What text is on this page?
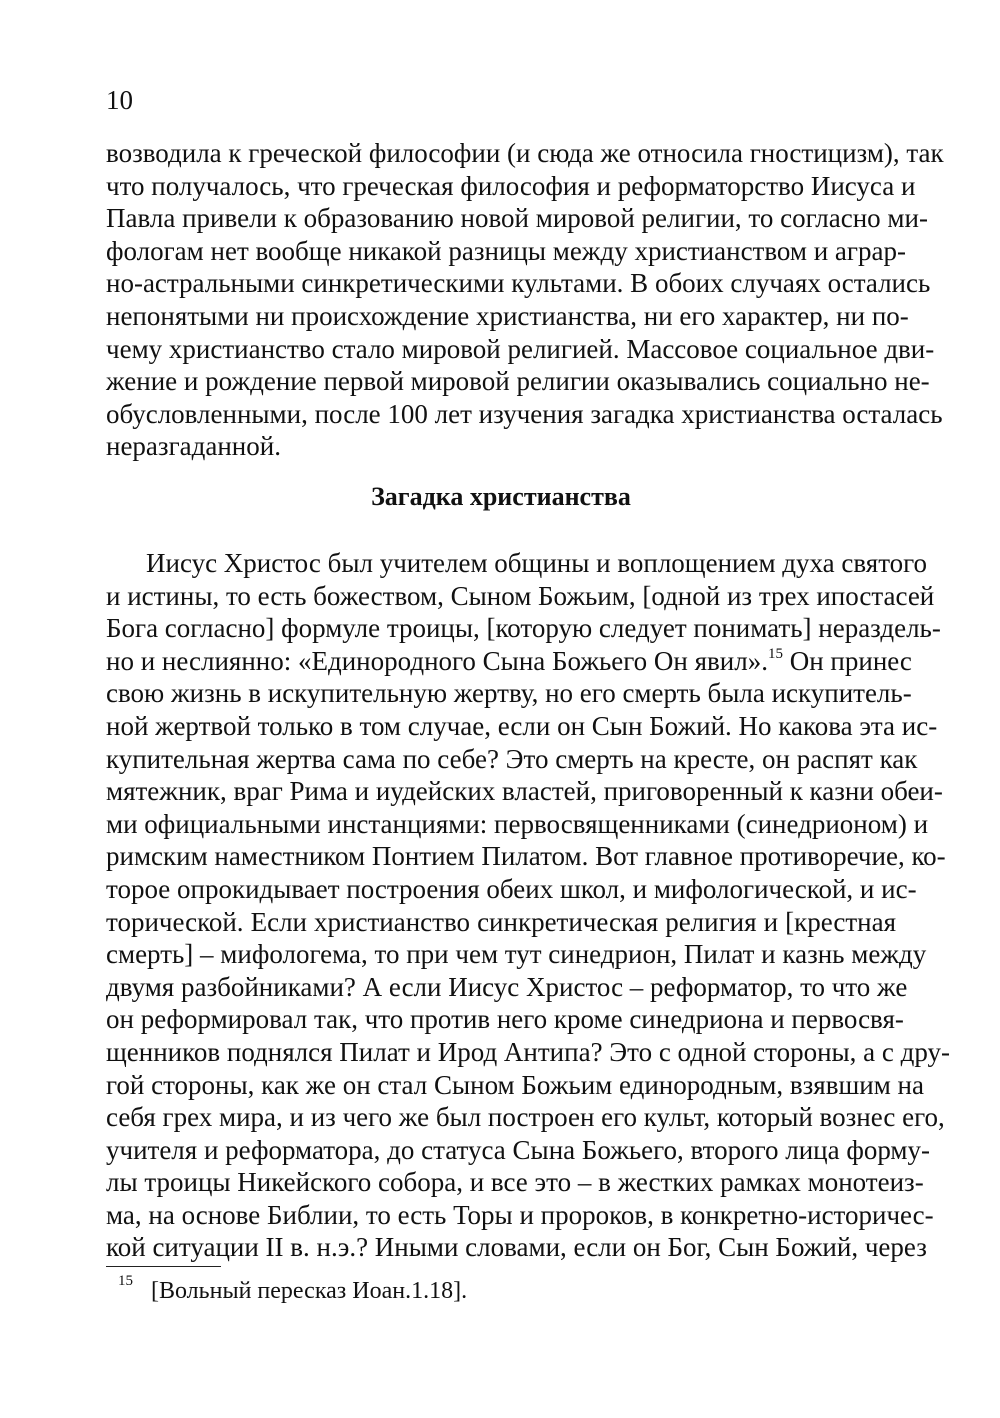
10

возводила к греческой философии (и сюда же относила гностицизм), так
что получалось, что греческая философия и реформаторство Иисуса и
Павла привели к образованию новой мировой религии, то согласно ми-
фологам нет вообще никакой разницы между христианством и аграр-
но-астральными синкретическими культами. В обоих случаях остались
непонятыми ни происхождение христианства, ни его характер, ни по-
чему христианство стало мировой религией. Массовое социальное дви-
жение и рождение первой мировой религии оказывались социально не-
обусловленными, после 100 лет изучения загадка христианства осталась
неразгаданной.
Загадка христианства
Иисус Христос был учителем общины и воплощением духа святого
и истины, то есть божеством, Сыном Божьим, [одной из трех ипостасей
Бога согласно] формуле троицы, [которую следует понимать] нераздель-
но и неслиянно: «Единородного Сына Божьего Он явил».$^{15}$ Он принес
свою жизнь в искупительную жертву, но его смерть была искупитель-
ной жертвой только в том случае, если он Сын Божий. Но какова эта ис-
купительная жертва сама по себе? Это смерть на кресте, он распят как
мятежник, враг Рима и иудейских властей, приговоренный к казни обеи-
ми официальными инстанциями: первосвященниками (синедрионом) и
римским наместником Понтием Пилатом. Вот главное противоречие, ко-
торое опрокидывает построения обеих школ, и мифологической, и ис-
торической. Если христианство синкретическая религия и [крестная
смерть] – мифологема, то при чем тут синедрион, Пилат и казнь между
двумя разбойниками? А если Иисус Христос – реформатор, то что же
он реформировал так, что против него кроме синедриона и первосвя-
щенников поднялся Пилат и Ирод Антипа? Это с одной стороны, а с дру-
гой стороны, как же он стал Сыном Божьим единородным, взявшим на
себя грех мира, и из чего же был построен его культ, который вознес его,
учителя и реформатора, до статуса Сына Божьего, второго лица форму-
лы троицы Никейского собора, и все это – в жестких рамках монотеиз-
ма, на основе Библии, то есть Торы и пророков, в конкретно-историчес-
кой ситуации II в. н.э.? Иными словами, если он Бог, Сын Божий, через

15 [Вольный пересказ Иоан.1.18].
